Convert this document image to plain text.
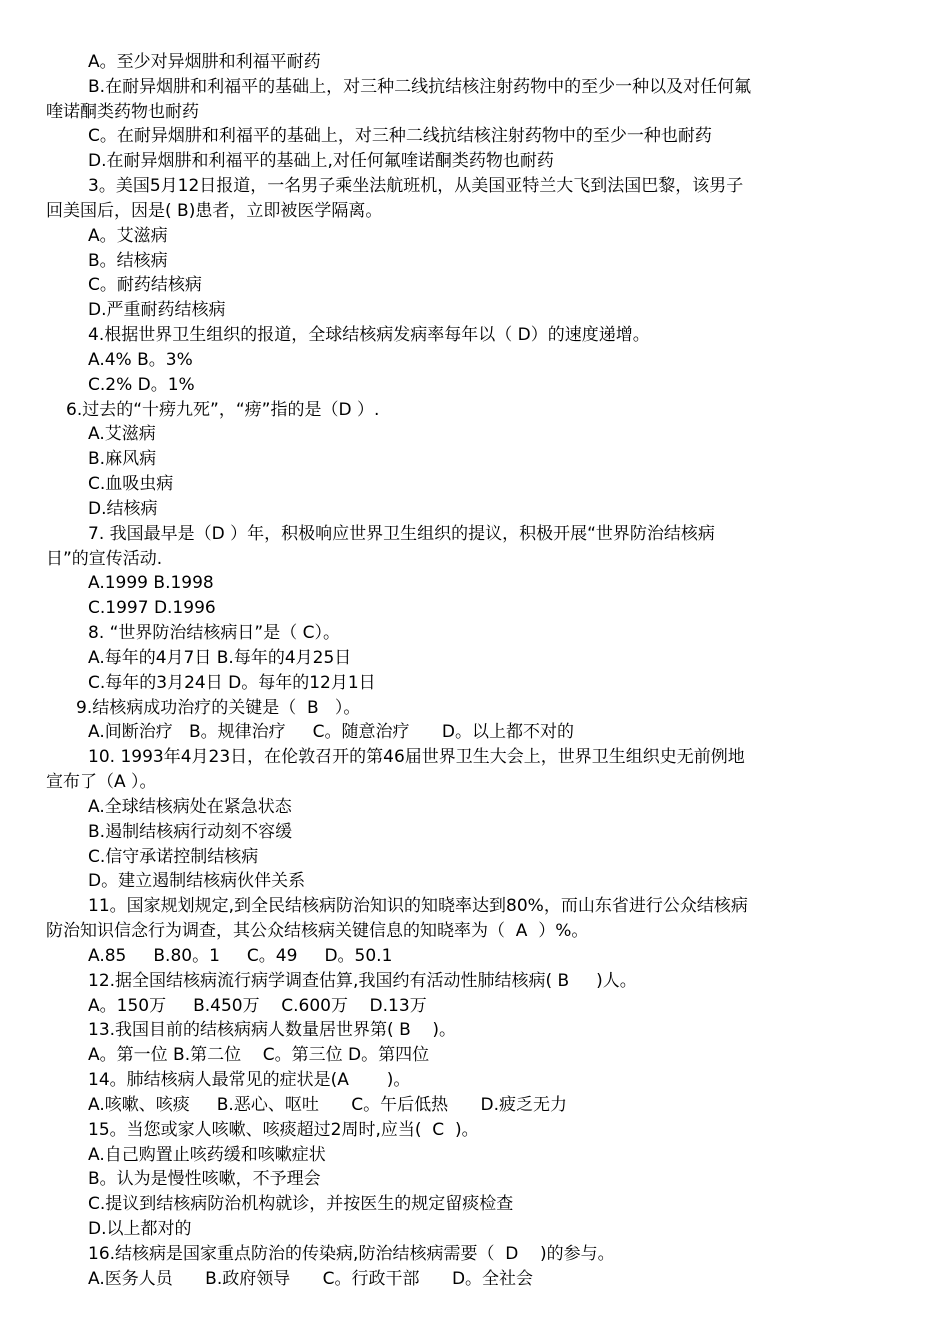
A。至少对异烟肼和利福平耐药
B.在耐异烟肼和利福平的基础上，对三种二线抗结核注射药物中的至少一种以及对任何氟
喹诺酮类药物也耐药
C。在耐异烟肼和利福平的基础上，对三种二线抗结核注射药物中的至少一种也耐药
D.在耐异烟肼和利福平的基础上,对任何氟喹诺酮类药物也耐药
3。美国5月12日报道，一名男子乘坐法航班机，从美国亚特兰大飞到法国巴黎，该男子
回美国后，因是( B)患者，立即被医学隔离。
A。艾滋病
B。结核病
C。耐药结核病
D.严重耐药结核病
4.根据世界卫生组织的报道，全球结核病发病率每年以（ D）的速度递增。
A.4% B。3%
C.2% D。1%
6.过去的“十痨九死”，“痨”指的是（D ）.
A.艾滋病
B.麻风病
C.血吸虫病
D.结核病
7. 我国最早是（D ）年，积极响应世界卫生组织的提议，积极开展“世界防治结核病
日”的宣传活动.
A.1999 B.1998
C.1997 D.1996
8. “世界防治结核病日”是（ C）。
A.每年的4月7日 B.每年的4月25日
C.每年的3月24日 D。每年的12月1日
9.结核病成功治疗的关键是（  B   ）。
A.间断治疗   B。规律治疗     C。随意治疗      D。以上都不对的
10. 1993年4月23日，在伦敦召开的第46届世界卫生大会上，世界卫生组织史无前例地
宣布了（A ）。
A.全球结核病处在紧急状态
B.遏制结核病行动刻不容缓
C.信守承诺控制结核病
D。建立遏制结核病伙伴关系
11。国家规划规定,到全民结核病防治知识的知晓率达到80%，而山东省进行公众结核病
防治知识信念行为调查，其公众结核病关键信息的知晓率为（  A  ）%。
A.85     B.80。1     C。49     D。50.1
12.据全国结核病流行病学调查估算,我国约有活动性肺结核病( B     )人。
A。150万     B.450万    C.600万    D.13万
13.我国目前的结核病病人数量居世界第( B    )。
A。第一位 B.第二位    C。第三位 D。第四位
14。肺结核病人最常见的症状是(A       )。
A.咳嗽、咳痰     B.恶心、呕吐      C。午后低热      D.疲乏无力
15。当您或家人咳嗽、咳痰超过2周时,应当(  C  )。
A.自己购置止咳药缓和咳嗽症状
B。认为是慢性咳嗽，不予理会
C.提议到结核病防治机构就诊，并按医生的规定留痰检查
D.以上都对的
16.结核病是国家重点防治的传染病,防治结核病需要（  D    )的参与。
A.医务人员      B.政府领导      C。行政干部      D。全社会
